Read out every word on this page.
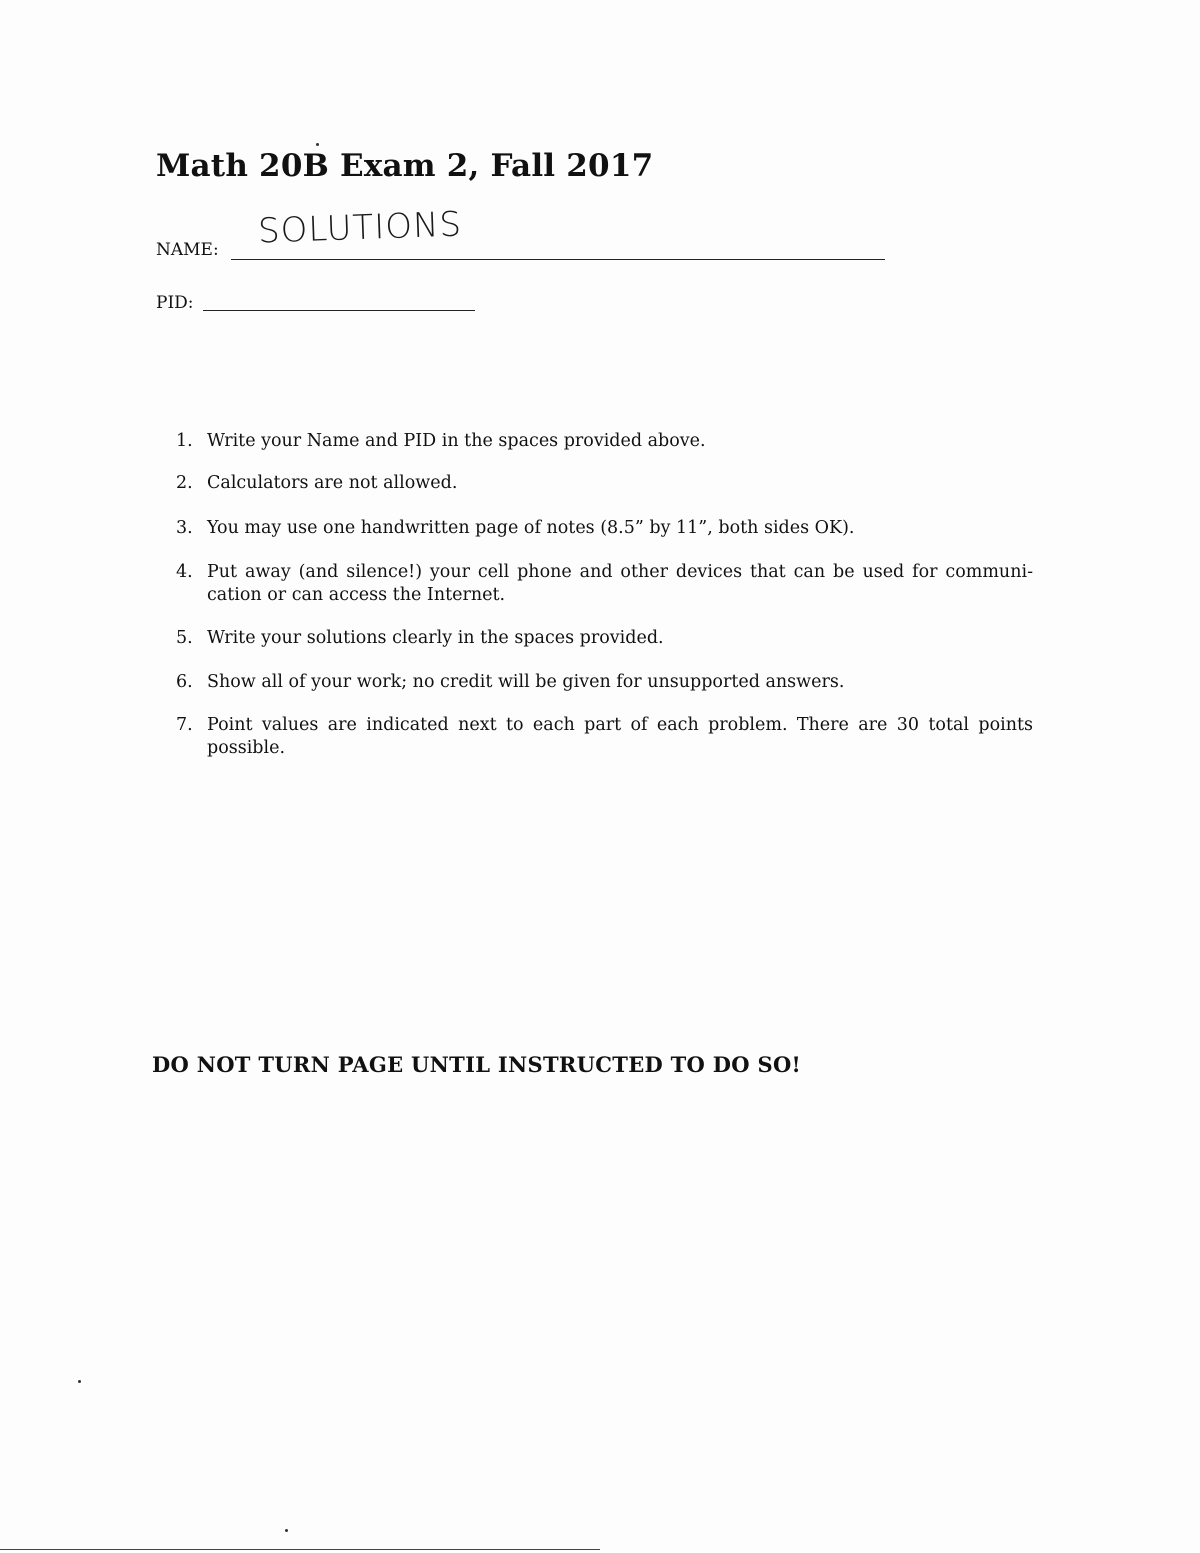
Math 20B Exam 2, Fall 2017
NAME: SOLUTIONS
PID:
1. Write your Name and PID in the spaces provided above.
2. Calculators are not allowed.
3. You may use one handwritten page of notes (8.5” by 11”, both sides OK).
4. Put away (and silence!) your cell phone and other devices that can be used for communi-
cation or can access the Internet.
5. Write your solutions clearly in the spaces provided.
6. Show all of your work; no credit will be given for unsupported answers.
7. Point values are indicated next to each part of each problem. There are 30 total points
possible.
DO NOT TURN PAGE UNTIL INSTRUCTED TO DO SO!
